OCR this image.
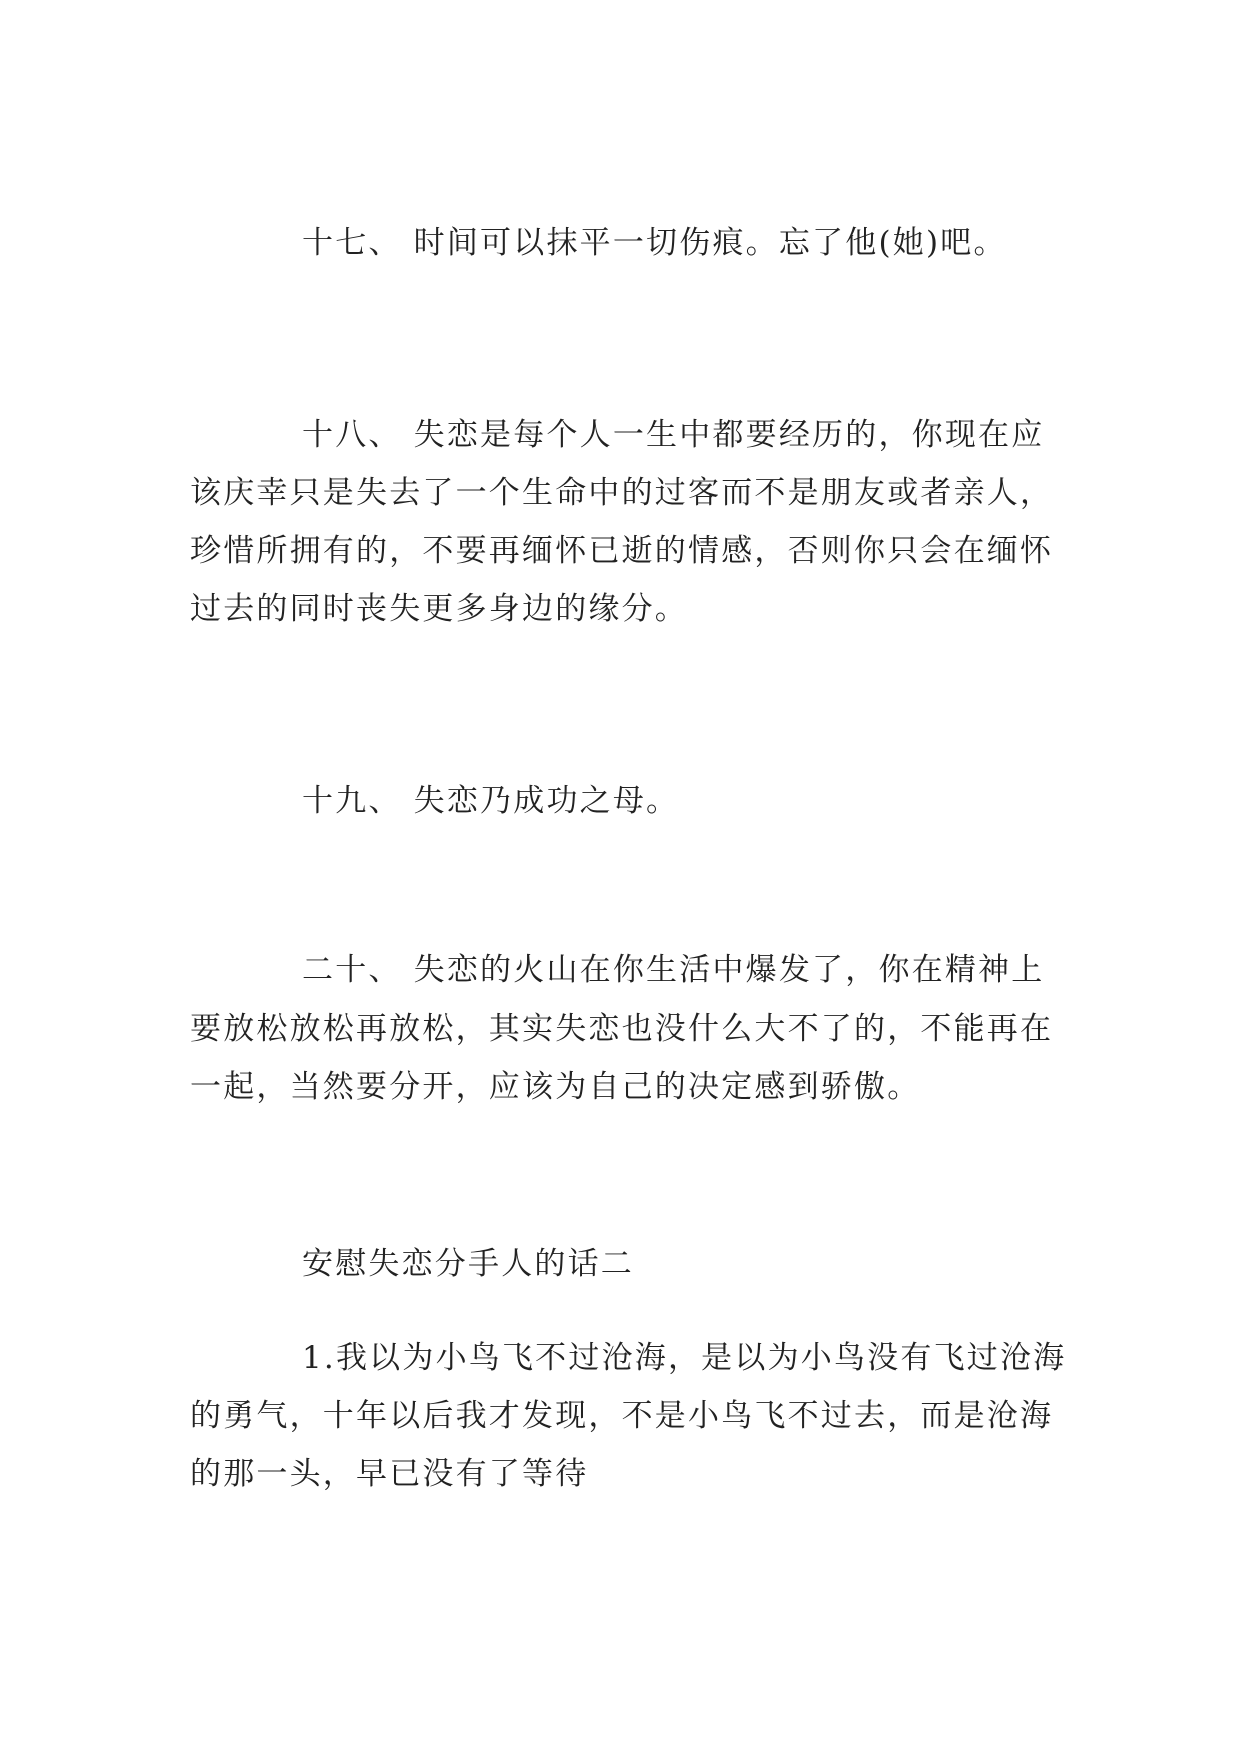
十七、 时间可以抹平一切伤痕。忘了他(她)吧。
十八、 失恋是每个人一生中都要经历的，你现在应
该庆幸只是失去了一个生命中的过客而不是朋友或者亲人，
珍惜所拥有的，不要再缅怀已逝的情感，否则你只会在缅怀
过去的同时丧失更多身边的缘分。
十九、 失恋乃成功之母。
二十、 失恋的火山在你生活中爆发了，你在精神上
要放松放松再放松，其实失恋也没什么大不了的，不能再在
一起，当然要分开，应该为自己的决定感到骄傲。
安慰失恋分手人的话二
1.我以为小鸟飞不过沧海，是以为小鸟没有飞过沧海
的勇气，十年以后我才发现，不是小鸟飞不过去，而是沧海
的那一头，早已没有了等待
